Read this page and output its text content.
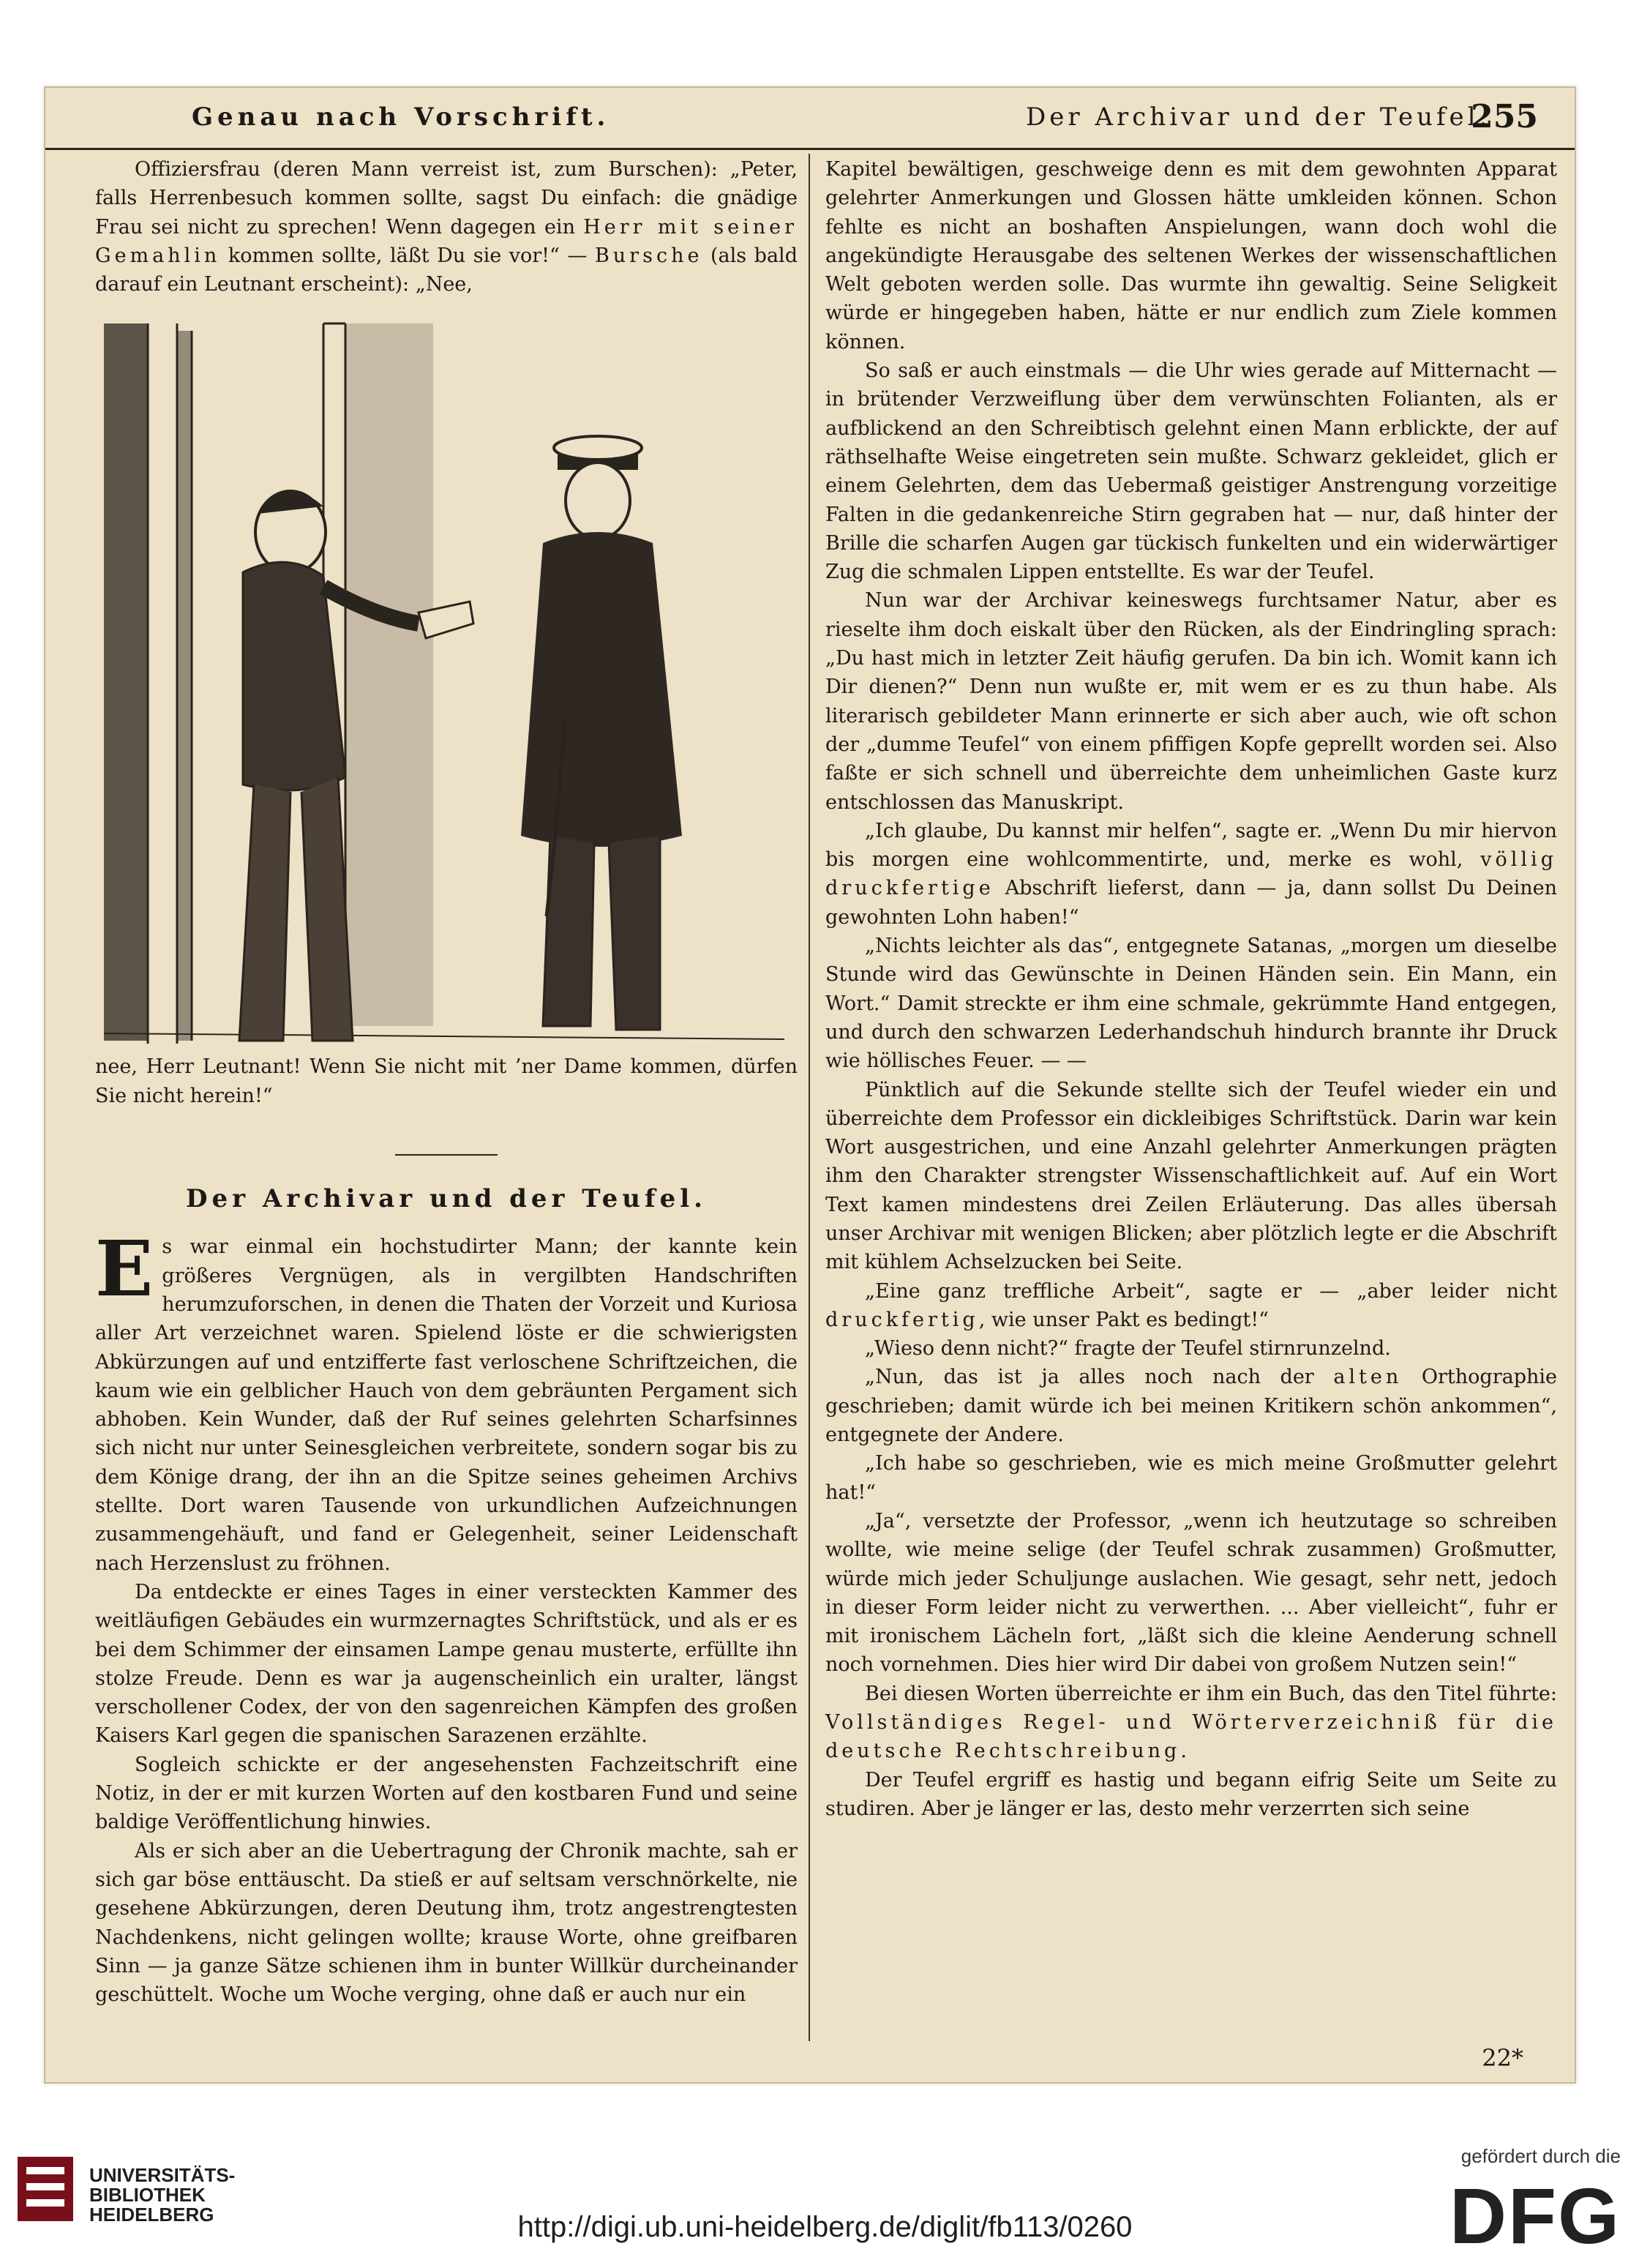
Genau nach Vorschrift.	Der Archivar und der Teufel.
255

Offiziersfrau (deren Mann verreist ist, zum Burschen): „Peter, falls Herrenbesuch kommen sollte, sagst Du einfach: die gnädige Frau sei nicht zu sprechen! Wenn dagegen ein Herr mit seiner Gemahlin kommen sollte, läßt Du sie vor!“ — Bursche (als bald darauf ein Leutnant erscheint): „Nee,

nee, Herr Leutnant! Wenn Sie nicht mit ’ner Dame kommen, dürfen Sie nicht herein!“

Der Archivar und der Teufel.

Es war einmal ein hochstudirter Mann; der kannte kein größeres Vergnügen, als in vergilbten Handschriften herumzuforschen, in denen die Thaten der Vorzeit und Kuriosa aller Art verzeichnet waren. Spielend löste er die schwierigsten Abkürzungen auf und entzifferte fast verloschene Schriftzeichen, die kaum wie ein gelblicher Hauch von dem gebräunten Pergament sich abhoben. Kein Wunder, daß der Ruf seines gelehrten Scharfsinnes sich nicht nur unter Seinesgleichen verbreitete, sondern sogar bis zu dem Könige drang, der ihn an die Spitze seines geheimen Archivs stellte. Dort waren Tausende von urkundlichen Aufzeichnungen zusammengehäuft, und fand er Gelegenheit, seiner Leidenschaft nach Herzenslust zu fröhnen.

Da entdeckte er eines Tages in einer versteckten Kammer des weitläufigen Gebäudes ein wurmzernagtes Schriftstück, und als er es bei dem Schimmer der einsamen Lampe genau musterte, erfüllte ihn stolze Freude. Denn es war ja augenscheinlich ein uralter, längst verschollener Codex, der von den sagenreichen Kämpfen des großen Kaisers Karl gegen die spanischen Sarazenen erzählte.

Sogleich schickte er der angesehensten Fachzeitschrift eine Notiz, in der er mit kurzen Worten auf den kostbaren Fund und seine baldige Veröffentlichung hinwies.

Als er sich aber an die Uebertragung der Chronik machte, sah er sich gar böse enttäuscht. Da stieß er auf seltsam verschnörkelte, nie gesehene Abkürzungen, deren Deutung ihm, trotz angestrengtesten Nachdenkens, nicht gelingen wollte; krause Worte, ohne greifbaren Sinn — ja ganze Sätze schienen ihm in bunter Willkür durcheinander geschüttelt. Woche um Woche verging, ohne daß er auch nur ein

Kapitel bewältigen, geschweige denn es mit dem gewohnten Apparat gelehrter Anmerkungen und Glossen hätte umkleiden können. Schon fehlte es nicht an boshaften Anspielungen, wann doch wohl die angekündigte Herausgabe des seltenen Werkes der wissenschaftlichen Welt geboten werden solle. Das wurmte ihn gewaltig. Seine Seligkeit würde er hingegeben haben, hätte er nur endlich zum Ziele kommen können.

So saß er auch einstmals — die Uhr wies gerade auf Mitternacht — in brütender Verzweiflung über dem verwünschten Folianten, als er aufblickend an den Schreibtisch gelehnt einen Mann erblickte, der auf räthselhafte Weise eingetreten sein mußte. Schwarz gekleidet, glich er einem Gelehrten, dem das Uebermaß geistiger Anstrengung vorzeitige Falten in die gedankenreiche Stirn gegraben hat — nur, daß hinter der Brille die scharfen Augen gar tückisch funkelten und ein widerwärtiger Zug die schmalen Lippen entstellte. Es war der Teufel.

Nun war der Archivar keineswegs furchtsamer Natur, aber es rieselte ihm doch eiskalt über den Rücken, als der Eindringling sprach: „Du hast mich in letzter Zeit häufig gerufen. Da bin ich. Womit kann ich Dir dienen?“ Denn nun wußte er, mit wem er es zu thun habe. Als literarisch gebildeter Mann erinnerte er sich aber auch, wie oft schon der „dumme Teufel“ von einem pfiffigen Kopfe geprellt worden sei. Also faßte er sich schnell und überreichte dem unheimlichen Gaste kurz entschlossen das Manuskript.

„Ich glaube, Du kannst mir helfen“, sagte er. „Wenn Du mir hiervon bis morgen eine wohlcommentirte, und, merke es wohl, völlig druckfertige Abschrift lieferst, dann — ja, dann sollst Du Deinen gewohnten Lohn haben!“

„Nichts leichter als das“, entgegnete Satanas, „morgen um dieselbe Stunde wird das Gewünschte in Deinen Händen sein. Ein Mann, ein Wort.“ Damit streckte er ihm eine schmale, gekrümmte Hand entgegen, und durch den schwarzen Lederhandschuh hindurch brannte ihr Druck wie höllisches Feuer. — —

Pünktlich auf die Sekunde stellte sich der Teufel wieder ein und überreichte dem Professor ein dickleibiges Schriftstück. Darin war kein Wort ausgestrichen, und eine Anzahl gelehrter Anmerkungen prägten ihm den Charakter strengster Wissenschaftlichkeit auf. Auf ein Wort Text kamen mindestens drei Zeilen Erläuterung. Das alles übersah unser Archivar mit wenigen Blicken; aber plötzlich legte er die Abschrift mit kühlem Achselzucken bei Seite.

„Eine ganz treffliche Arbeit“, sagte er — „aber leider nicht druckfertig, wie unser Pakt es bedingt!“

„Wieso denn nicht?“ fragte der Teufel stirnrunzelnd.

„Nun, das ist ja alles noch nach der alten Orthographie geschrieben; damit würde ich bei meinen Kritikern schön ankommen“, entgegnete der Andere.

„Ich habe so geschrieben, wie es mich meine Großmutter gelehrt hat!“

„Ja“, versetzte der Professor, „wenn ich heutzutage so schreiben wollte, wie meine selige (der Teufel schrak zusammen) Großmutter, würde mich jeder Schuljunge auslachen. Wie gesagt, sehr nett, jedoch in dieser Form leider nicht zu verwerthen. ... Aber vielleicht“, fuhr er mit ironischem Lächeln fort, „läßt sich die kleine Aenderung schnell noch vornehmen. Dies hier wird Dir dabei von großem Nutzen sein!“

Bei diesen Worten überreichte er ihm ein Buch, das den Titel führte: Vollständiges Regel- und Wörterverzeichniß für die deutsche Rechtschreibung.

Der Teufel ergriff es hastig und begann eifrig Seite um Seite zu studiren. Aber je länger er las, desto mehr verzerrten sich seine

22*
UNIVERSITÄTS-
BIBLIOTHEK
HEIDELBERG	http://digi.ub.uni-heidelberg.de/diglit/fb113/0260
gefördert durch die
DFG
